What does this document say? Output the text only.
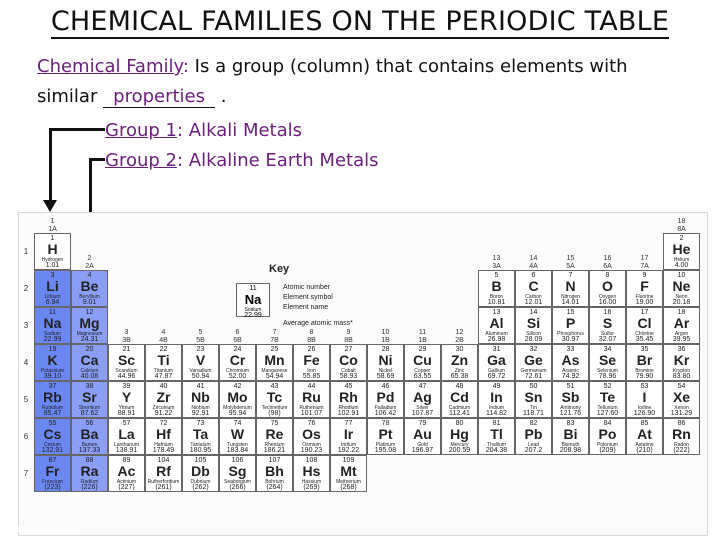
CHEMICAL FAMILIES ON THE PERIODIC TABLE
Chemical Family: Is a group (column) that contains elements with
similar properties .
Group 1: Alkali Metals
Group 2: Alkaline Earth Metals
1
H
Hydrogen
1.01
2
He
Helium
4.00
3
Li
Lithium
6.94
4
Be
Beryllium
9.01
5
B
Boron
10.81
6
C
Carbon
12.01
7
N
Nitrogen
14.01
8
O
Oxygen
16.00
9
F
Fluorine
19.00
10
Ne
Neon
20.18
11
Na
Sodium
22.99
12
Mg
Magnesium
24.31
13
Al
Aluminum
26.98
14
Si
Silicon
28.09
15
P
Phosphorus
30.97
16
S
Sulfur
32.07
17
Cl
Chlorine
35.45
18
Ar
Argon
39.95
19
K
Potassium
39.10
20
Ca
Calcium
40.08
21
Sc
Scandium
44.96
22
Ti
Titanium
47.87
23
V
Vanadium
50.94
24
Cr
Chromium
52.00
25
Mn
Manganese
54.94
26
Fe
Iron
55.85
27
Co
Cobalt
58.93
28
Ni
Nickel
58.69
29
Cu
Copper
63.55
30
Zn
Zinc
65.38
31
Ga
Gallium
69.72
32
Ge
Germanium
72.61
33
As
Arsenic
74.92
34
Se
Selenium
78.96
35
Br
Bromine
79.90
36
Kr
Krypton
83.80
37
Rb
Rubidium
85.47
38
Sr
Strontium
87.62
39
Y
Yttrium
88.91
40
Zr
Zirconium
91.22
41
Nb
Niobium
92.91
42
Mo
Molybdenum
95.94
43
Tc
Technetium
(98)
44
Ru
Ruthenium
101.07
45
Rh
Rhodium
102.91
46
Pd
Palladium
106.42
47
Ag
Silver
107.87
48
Cd
Cadmium
112.41
49
In
Indium
114.82
50
Sn
Tin
118.71
51
Sb
Antimony
121.76
52
Te
Tellurium
127.60
53
I
Iodine
126.90
54
Xe
Xenon
131.29
55
Cs
Cesium
132.91
56
Ba
Barium
137.33
57
La
Lanthanum
138.91
72
Hf
Hafnium
178.49
73
Ta
Tantalum
180.95
74
W
Tungsten
183.84
75
Re
Rhenium
186.21
76
Os
Osmium
190.23
77
Ir
Iridium
192.22
78
Pt
Platinum
195.08
79
Au
Gold
196.97
80
Hg
Mercury
200.59
81
Tl
Thallium
204.38
82
Pb
Lead
207.2
83
Bi
Bismuth
208.98
84
Po
Polonium
(209)
85
At
Astatine
(210)
86
Rn
Radon
(222)
87
Fr
Francium
(223)
88
Ra
Radium
(226)
89
Ac
Actinium
(227)
104
Rf
Rutherfordium
(261)
105
Db
Dubnium
(262)
106
Sg
Seaborgium
(266)
107
Bh
Bohrium
(264)
108
Hs
Hassium
(269)
109
Mt
Meitnerium
(268)
1
1A
2
2A
3
3B
4
4B
5
5B
6
6B
7
7B
8
8B
9
8B
10
1B
11
1B
12
2B
13
3A
14
4A
15
5A
16
6A
17
7A
18
8A
1
2
3
4
5
6
7
Key
11
Na
Sodium
22.99
Atomic number
Element symbol
Element name
Average atomic mass*
© Tangstar Science
